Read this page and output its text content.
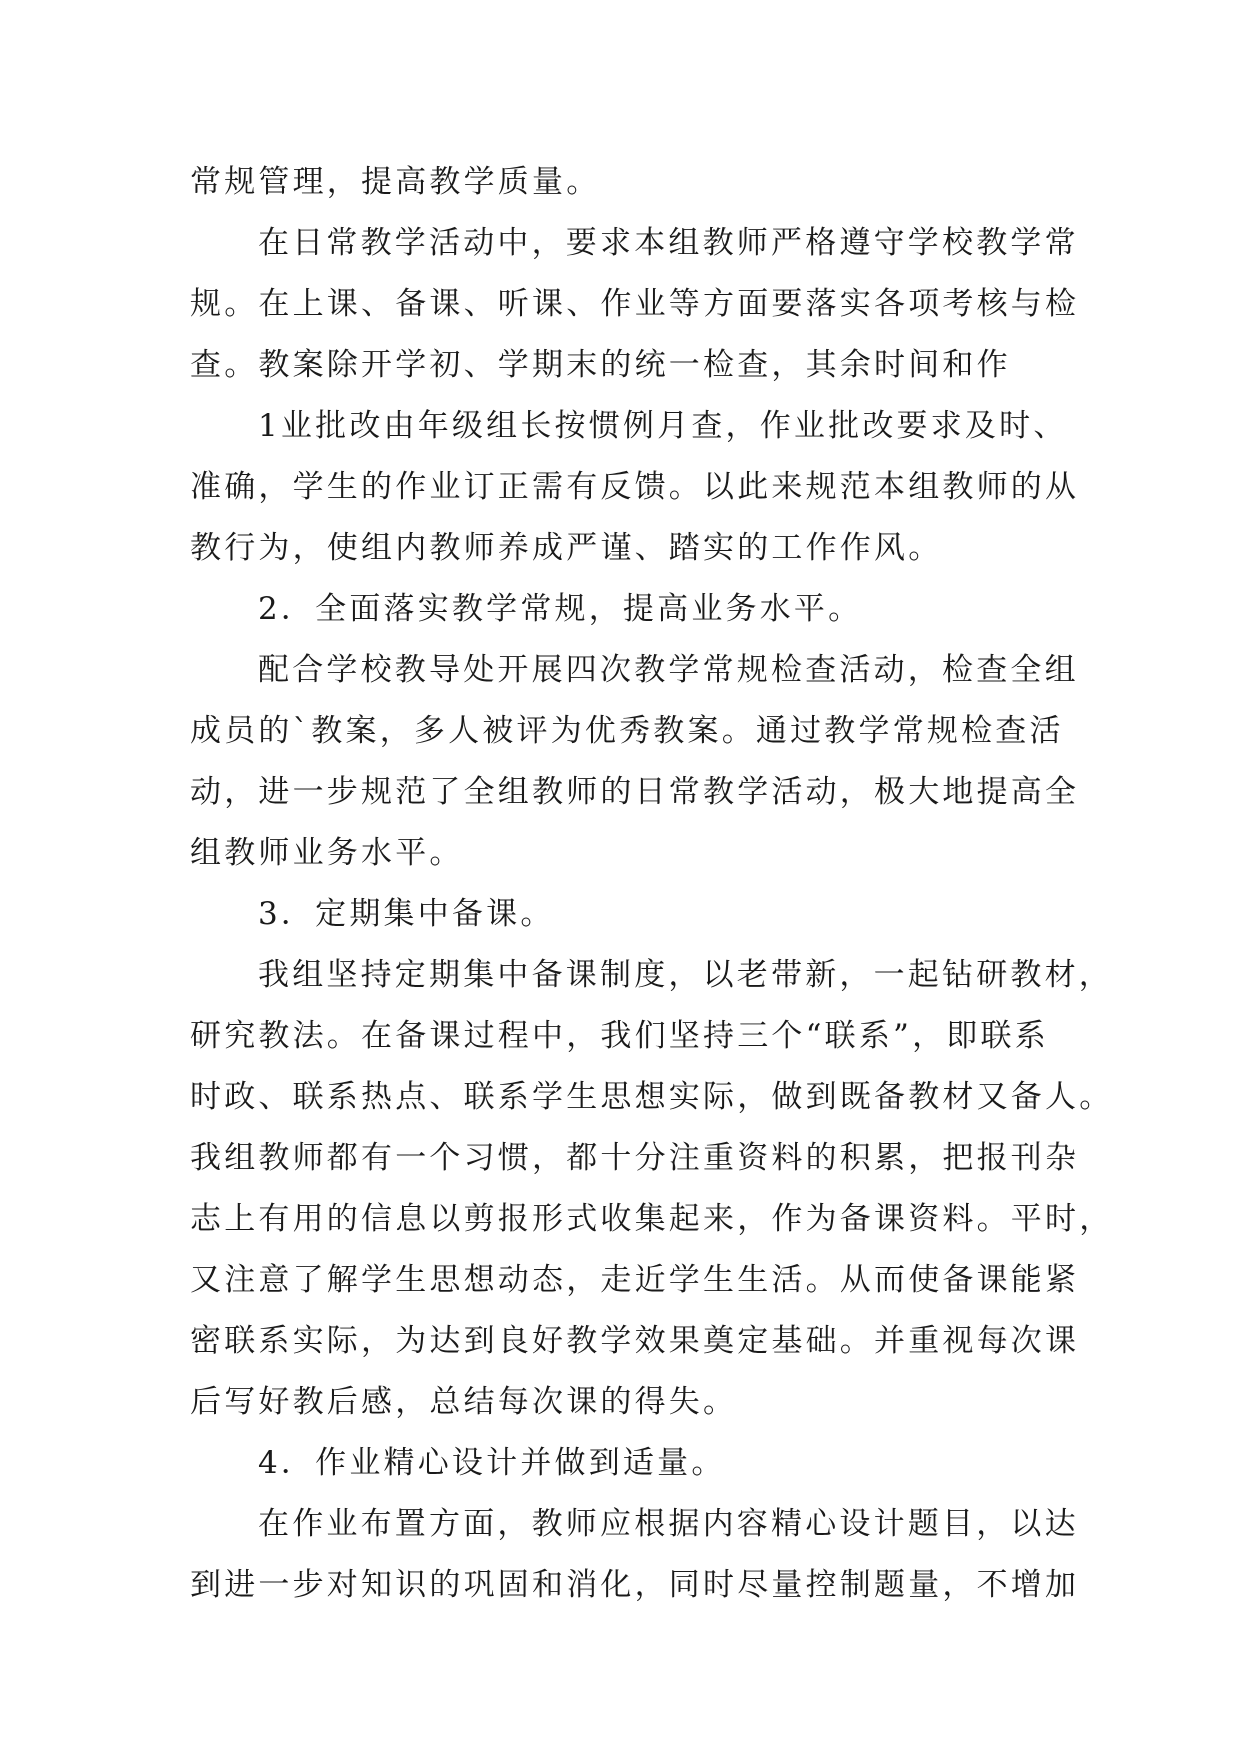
常规管理，提高教学质量。
在日常教学活动中，要求本组教师严格遵守学校教学常
规。在上课、备课、听课、作业等方面要落实各项考核与检
查。教案除开学初、学期末的统一检查，其余时间和作
1业批改由年级组长按惯例月查，作业批改要求及时、
准确，学生的作业订正需有反馈。以此来规范本组教师的从
教行为，使组内教师养成严谨、踏实的工作作风。
2．全面落实教学常规，提高业务水平。
配合学校教导处开展四次教学常规检查活动，检查全组
成员的`教案，多人被评为优秀教案。通过教学常规检查活
动，进一步规范了全组教师的日常教学活动，极大地提高全
组教师业务水平。
3．定期集中备课。
我组坚持定期集中备课制度，以老带新，一起钻研教材，
研究教法。在备课过程中，我们坚持三个“联系”，即联系
时政、联系热点、联系学生思想实际，做到既备教材又备人。
我组教师都有一个习惯，都十分注重资料的积累，把报刊杂
志上有用的信息以剪报形式收集起来，作为备课资料。平时，
又注意了解学生思想动态，走近学生生活。从而使备课能紧
密联系实际，为达到良好教学效果奠定基础。并重视每次课
后写好教后感，总结每次课的得失。
4．作业精心设计并做到适量。
在作业布置方面，教师应根据内容精心设计题目，以达
到进一步对知识的巩固和消化，同时尽量控制题量，不增加
